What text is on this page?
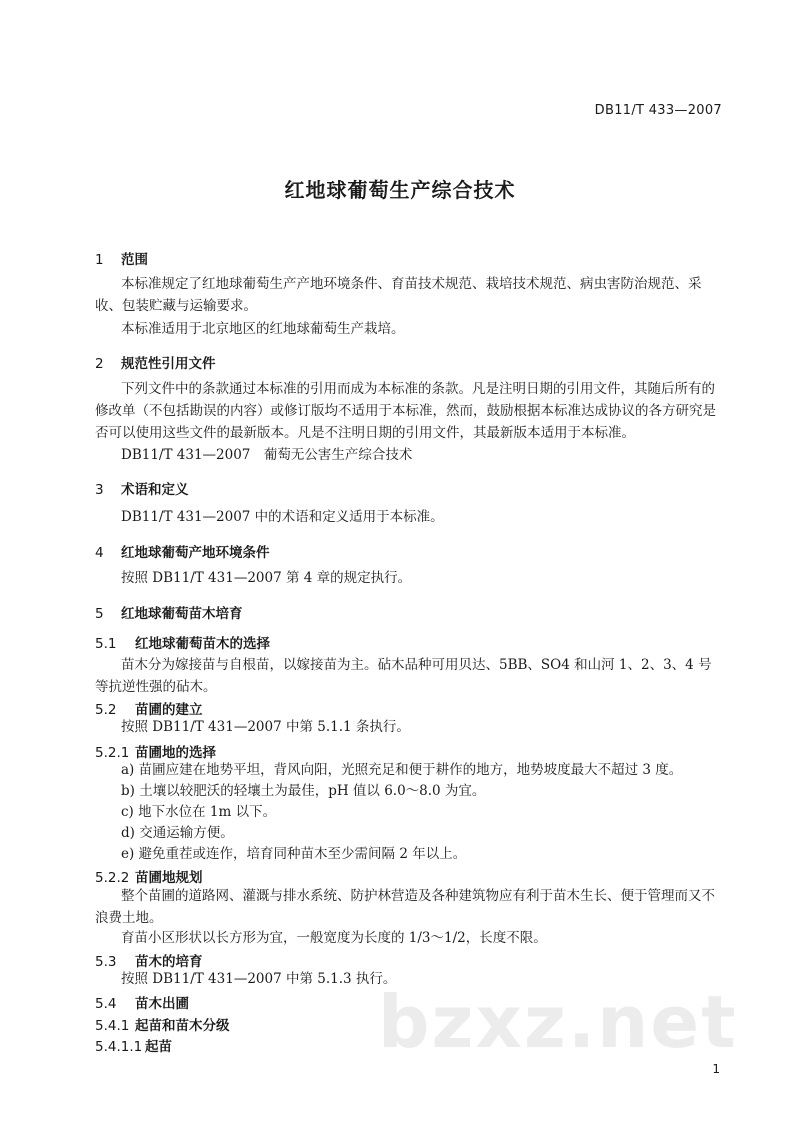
DB11/T 433—2007
红地球葡萄生产综合技术
1 范围
本标准规定了红地球葡萄生产产地环境条件、育苗技术规范、栽培技术规范、病虫害防治规范、采收、包装贮藏与运输要求。
本标准适用于北京地区的红地球葡萄生产栽培。
2 规范性引用文件
下列文件中的条款通过本标准的引用而成为本标准的条款。凡是注明日期的引用文件，其随后所有的修改单（不包括勘误的内容）或修订版均不适用于本标准，然而，鼓励根据本标准达成协议的各方研究是否可以使用这些文件的最新版本。凡是不注明日期的引用文件，其最新版本适用于本标准。
DB11/T 431—2007　葡萄无公害生产综合技术
3 术语和定义
DB11/T 431—2007 中的术语和定义适用于本标准。
4 红地球葡萄产地环境条件
按照 DB11/T 431—2007 第 4 章的规定执行。
5 红地球葡萄苗木培育
5.1 红地球葡萄苗木的选择
苗木分为嫁接苗与自根苗，以嫁接苗为主。砧木品种可用贝达、5BB、SO4 和山河 1、2、3、4 号等抗逆性强的砧木。
5.2 苗圃的建立
按照 DB11/T 431—2007 中第 5.1.1 条执行。
5.2.1 苗圃地的选择
a) 苗圃应建在地势平坦，背风向阳，光照充足和便于耕作的地方，地势坡度最大不超过 3 度。
b) 土壤以较肥沃的轻壤土为最佳，pH 值以 6.0～8.0 为宜。
c) 地下水位在 1m 以下。
d) 交通运输方便。
e) 避免重茬或连作，培育同种苗木至少需间隔 2 年以上。
5.2.2 苗圃地规划
整个苗圃的道路网、灌溉与排水系统、防护林营造及各种建筑物应有利于苗木生长、便于管理而又不浪费土地。
育苗小区形状以长方形为宜，一般宽度为长度的 1/3～1/2，长度不限。
5.3 苗木的培育
按照 DB11/T 431—2007 中第 5.1.3 执行。
5.4 苗木出圃
5.4.1 起苗和苗木分级
5.4.1.1 起苗	bzxz.net
1
